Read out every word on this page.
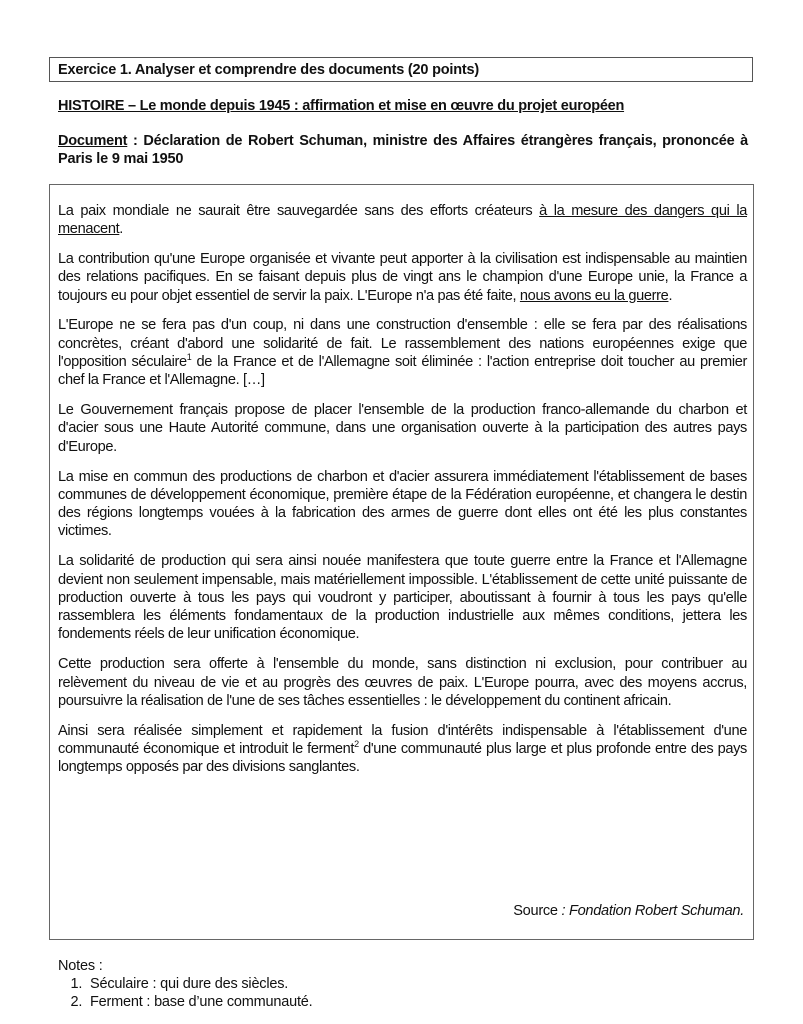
Exercice 1. Analyser et comprendre des documents (20 points)
HISTOIRE – Le monde depuis 1945 : affirmation et mise en œuvre du projet européen
Document : Déclaration de Robert Schuman, ministre des Affaires étrangères français, prononcée à Paris le 9 mai 1950

La paix mondiale ne saurait être sauvegardée sans des efforts créateurs à la mesure des dangers qui la menacent.

La contribution qu'une Europe organisée et vivante peut apporter à la civilisation est indispensable au maintien des relations pacifiques. En se faisant depuis plus de vingt ans le champion d'une Europe unie, la France a toujours eu pour objet essentiel de servir la paix. L'Europe n'a pas été faite, nous avons eu la guerre.

L'Europe ne se fera pas d'un coup, ni dans une construction d'ensemble : elle se fera par des réalisations concrètes, créant d'abord une solidarité de fait. Le rassemblement des nations européennes exige que l'opposition séculaire$^1$ de la France et de l'Allemagne soit éliminée : l'action entreprise doit toucher au premier chef la France et l'Allemagne. […]

Le Gouvernement français propose de placer l'ensemble de la production franco-allemande du charbon et d'acier sous une Haute Autorité commune, dans une organisation ouverte à la participation des autres pays d'Europe.

La mise en commun des productions de charbon et d'acier assurera immédiatement l'établissement de bases communes de développement économique, première étape de la Fédération européenne, et changera le destin des régions longtemps vouées à la fabrication des armes de guerre dont elles ont été les plus constantes victimes.

La solidarité de production qui sera ainsi nouée manifestera que toute guerre entre la France et l'Allemagne devient non seulement impensable, mais matériellement impossible. L'établissement de cette unité puissante de production ouverte à tous les pays qui voudront y participer, aboutissant à fournir à tous les pays qu'elle rassemblera les éléments fondamentaux de la production industrielle aux mêmes conditions, jettera les fondements réels de leur unification économique.

Cette production sera offerte à l'ensemble du monde, sans distinction ni exclusion, pour contribuer au relèvement du niveau de vie et au progrès des œuvres de paix. L'Europe pourra, avec des moyens accrus, poursuivre la réalisation de l'une de ses tâches essentielles : le développement du continent africain.

Ainsi sera réalisée simplement et rapidement la fusion d'intérêts indispensable à l'établissement d'une communauté économique et introduit le ferment$^2$ d'une communauté plus large et plus profonde entre des pays longtemps opposés par des divisions sanglantes.

Source : Fondation Robert Schuman.
Notes :
1. Séculaire : qui dure des siècles.
2. Ferment : base d’une communauté.
